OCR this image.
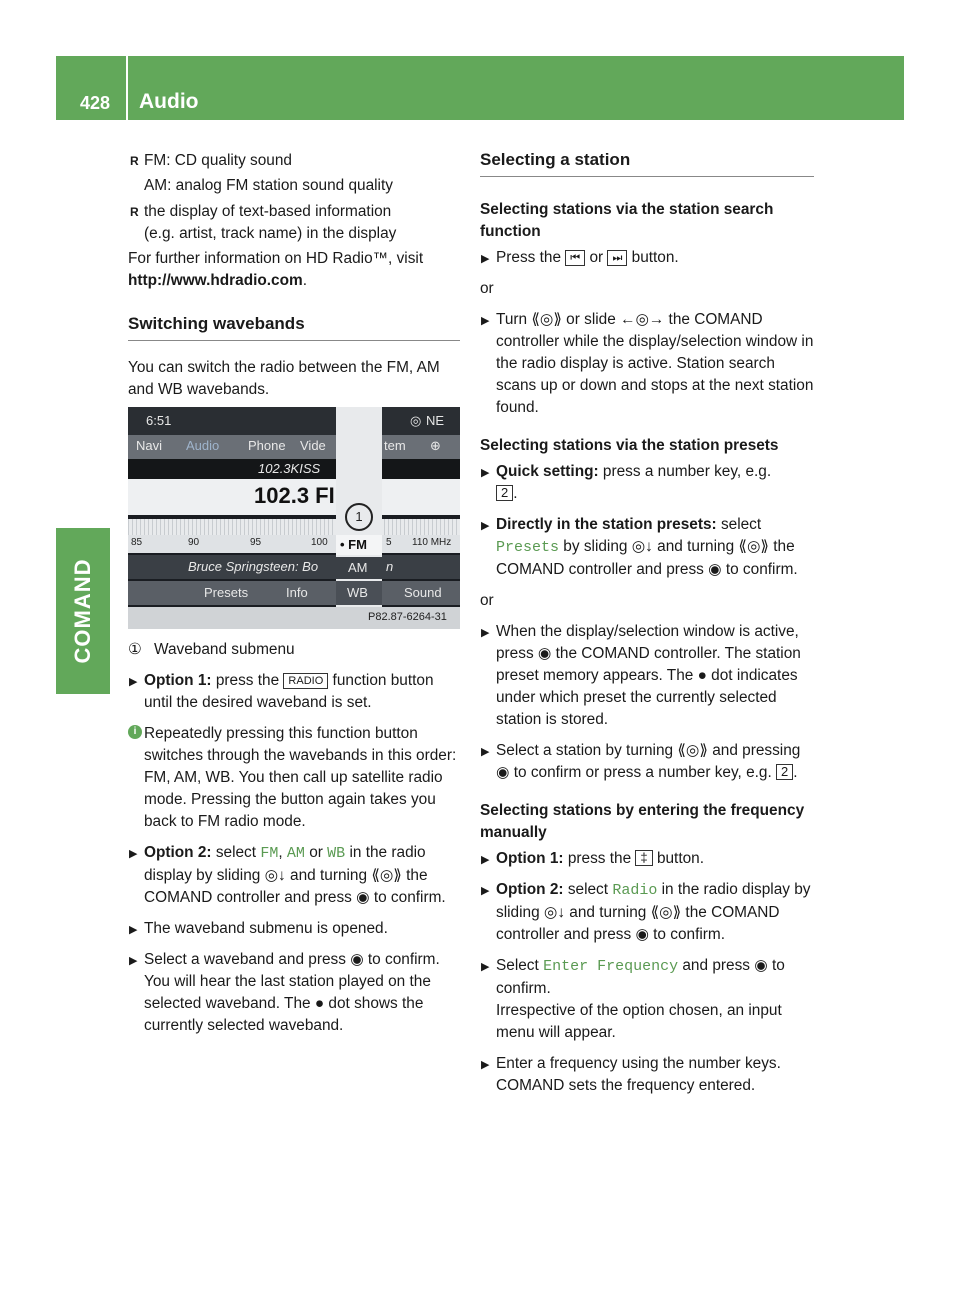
428 Audio
COMAND

R FM: CD quality sound

AM: analog FM station sound quality

R the display of text-based information

(e.g. artist, track name) in the display

For further information on HD Radio™, visit

http://www.hdradio.com.

Switching wavebands

You can switch the radio between the FM, AM and WB wavebands.

6:51	◎ NE
Navi Audio Phone Vide	tem ⊕
102.3KISS
102.3 FI
85	90	95	100	5 110 MHz
Bruce Springsteen: Bo	n
Presets	Info	Sound
1
• FM
AM
WB
P82.87-6264-31

① Waveband submenu

▶ Option 1: press the RADIO function button until the desired waveband is set.

i Repeatedly pressing this function button switches through the wavebands in this order: FM, AM, WB. You then call up satellite radio mode. Pressing the button again takes you back to FM radio mode.

▶ Option 2: select FM, AM or WB in the radio display by sliding ◎↓ and turning ⟪◎⟫ the COMAND controller and press ◉ to confirm.

▶ The waveband submenu is opened.

▶ Select a waveband and press ◉ to confirm.

You will hear the last station played on the selected waveband. The ● dot shows the currently selected waveband.

Selecting a station
Selecting stations via the station search function

▶ Press the ⏮ or ⏭ button.

or

▶ Turn ⟪◎⟫ or slide ←◎→ the COMAND controller while the display/selection window in the radio display is active. Station search scans up or down and stops at the next station found.

Selecting stations via the station presets

▶ Quick setting: press a number key, e.g.
2 .

▶ Directly in the station presets: select Presets by sliding ◎↓ and turning ⟪◎⟫ the COMAND controller and press ◉ to confirm.

or

▶ When the display/selection window is active, press ◉ the COMAND controller. The station preset memory appears. The ● dot indicates under which preset the currently selected station is stored.

▶ Select a station by turning ⟪◎⟫ and pressing ◉ to confirm or press a number key, e.g. 2 .

Selecting stations by entering the frequency manually

▶ Option 1: press the ‡ button.

▶ Option 2: select Radio in the radio display by sliding ◎↓ and turning ⟪◎⟫ the COMAND controller and press ◉ to confirm.

▶ Select Enter Frequency and press ◉ to confirm.

Irrespective of the option chosen, an input menu will appear.

▶ Enter a frequency using the number keys.

COMAND sets the frequency entered.
